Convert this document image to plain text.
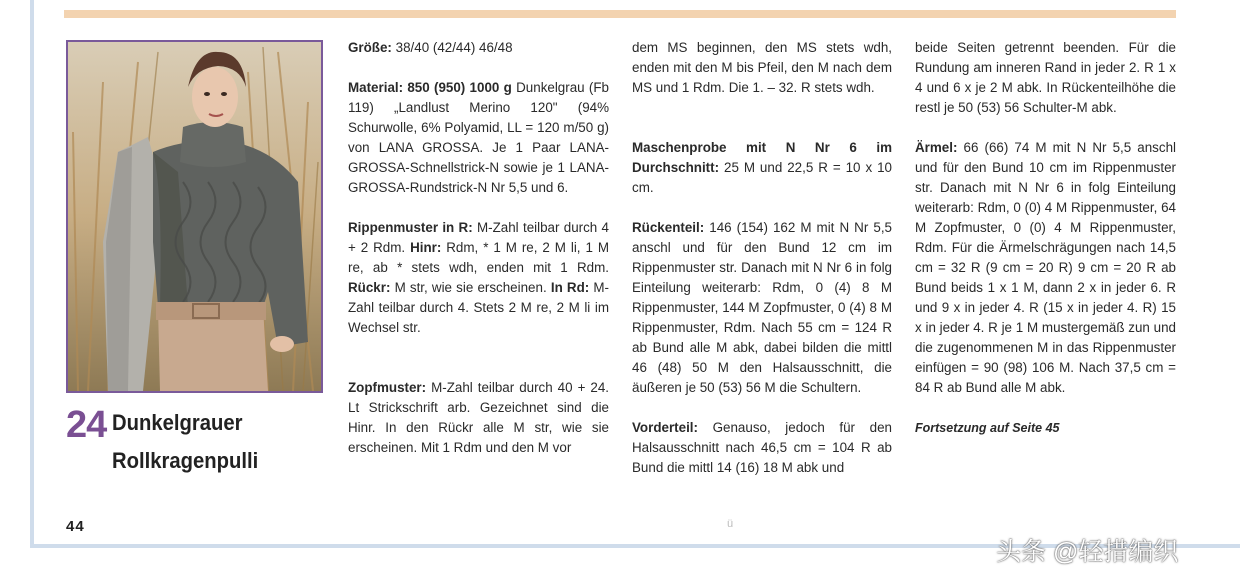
24 Dunkelgrauer
Rollkragenpulli

Größe: 38/40 (42/44) 46/48

Material: 850 (950) 1000 g Dunkelgrau (Fb 119) „Landlust Merino 120" (94% Schurwolle, 6% Polyamid, LL = 120 m/50 g) von LANA GROSSA. Je 1 Paar LANA-GROSSA-Schnellstrick-N sowie je 1 LANA-GROSSA-Rundstrick-N Nr 5,5 und 6.

Rippenmuster in R: M-Zahl teilbar durch 4 + 2 Rdm. Hinr: Rdm, * 1 M re, 2 M li, 1 M re, ab * stets wdh, enden mit 1 Rdm. Rückr: M str, wie sie erscheinen. In Rd: M-Zahl teilbar durch 4. Stets 2 M re, 2 M li im Wechsel str.

Zopfmuster: M-Zahl teilbar durch 40 + 24. Lt Strickschrift arb. Gezeichnet sind die Hinr. In den Rückr alle M str, wie sie erscheinen. Mit 1 Rdm und den M vor

dem MS beginnen, den MS stets wdh, enden mit den M bis Pfeil, den M nach dem MS und 1 Rdm. Die 1. – 32. R stets wdh.

Maschenprobe mit N Nr 6 im Durchschnitt: 25 M und 22,5 R = 10 x 10 cm.

Rückenteil: 146 (154) 162 M mit N Nr 5,5 anschl und für den Bund 12 cm im Rippenmuster str. Danach mit N Nr 6 in folg Einteilung weiterarb: Rdm, 0 (4) 8 M Rippenmuster, 144 M Zopfmuster, 0 (4) 8 M Rippenmuster, Rdm. Nach 55 cm = 124 R ab Bund alle M abk, dabei bilden die mittl 46 (48) 50 M den Halsausschnitt, die äußeren je 50 (53) 56 M die Schultern.

Vorderteil: Genauso, jedoch für den Halsausschnitt nach 46,5 cm = 104 R ab Bund die mittl 14 (16) 18 M abk und

beide Seiten getrennt beenden. Für die Rundung am inneren Rand in jeder 2. R 1 x 4 und 6 x je 2 M abk. In Rückenteilhöhe die restl je 50 (53) 56 Schulter-M abk.

Ärmel: 66 (66) 74 M mit N Nr 5,5 anschl und für den Bund 10 cm im Rippenmuster str. Danach mit N Nr 6 in folg Einteilung weiterarb: Rdm, 0 (0) 4 M Rippenmuster, 64 M Zopfmuster, 0 (0) 4 M Rippenmuster, Rdm. Für die Ärmelschrägungen nach 14,5 cm = 32 R (9 cm = 20 R) 9 cm = 20 R ab Bund beids 1 x 1 M, dann 2 x in jeder 6. R und 9 x in jeder 4. R (15 x in jeder 4. R) 15 x in jeder 4. R je 1 M mustergemäß zun und die zugenommenen M in das Rippenmuster einfügen = 90 (98) 106 M. Nach 37,5 cm = 84 R ab Bund alle M abk.

Fortsetzung auf Seite 45

44	ü
头条 @轻措编织
